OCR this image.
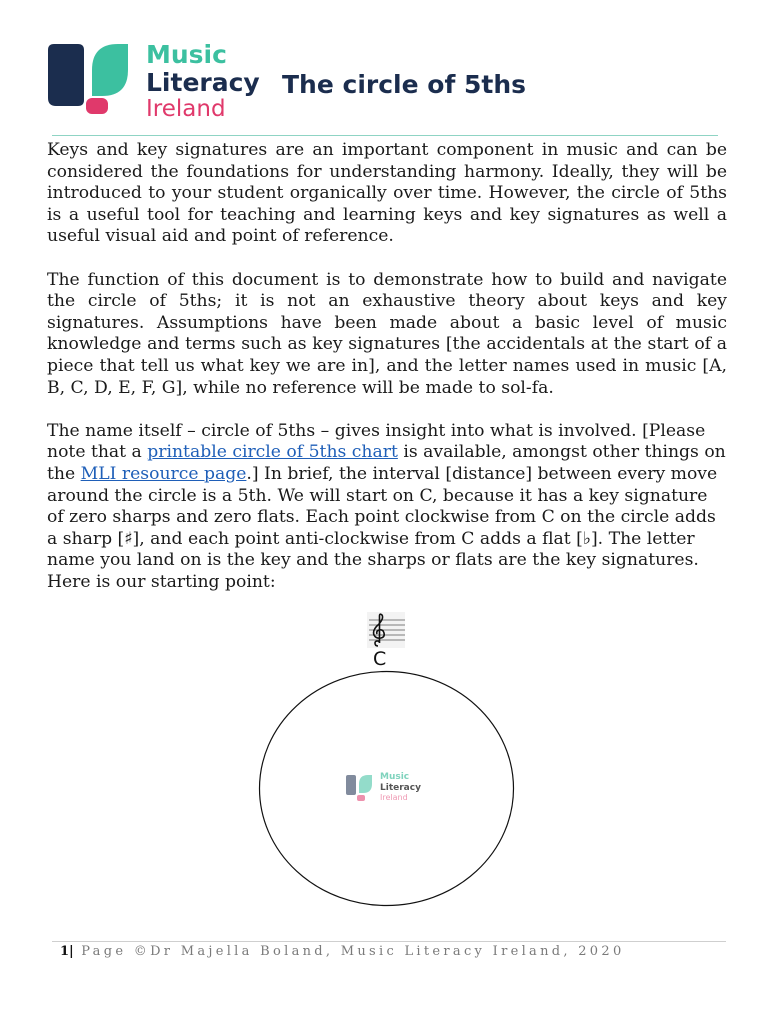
Music
Literacy
Ireland
The circle of 5ths

Keys and key signatures are an important component in music and can be considered the foundations for understanding harmony. Ideally, they will be introduced to your student organically over time. However, the circle of 5ths is a useful tool for teaching and learning keys and key signatures as well a useful visual aid and point of reference.

The function of this document is to demonstrate how to build and navigate the circle of 5ths; it is not an exhaustive theory about keys and key signatures. Assumptions have been made about a basic level of music knowledge and terms such as key signatures [the accidentals at the start of a piece that tell us what key we are in], and the letter names used in music [A, B, C, D, E, F, G], while no reference will be made to sol-fa.

The name itself – circle of 5ths – gives insight into what is involved. [Please note that a printable circle of 5ths chart is available, amongst other things on the MLI resource page.] In brief, the interval [distance] between every move around the circle is a 5th. We will start on C, because it has a key signature of zero sharps and zero flats. Each point clockwise from C on the circle adds a sharp [♯], and each point anti-clockwise from C adds a flat [♭]. The letter name you land on is the key and the sharps or flats are the key signatures.

Here is our starting point:

C
Music
Literacy
Ireland
1| Page ©Dr Majella Boland, Music Literacy Ireland, 2020
